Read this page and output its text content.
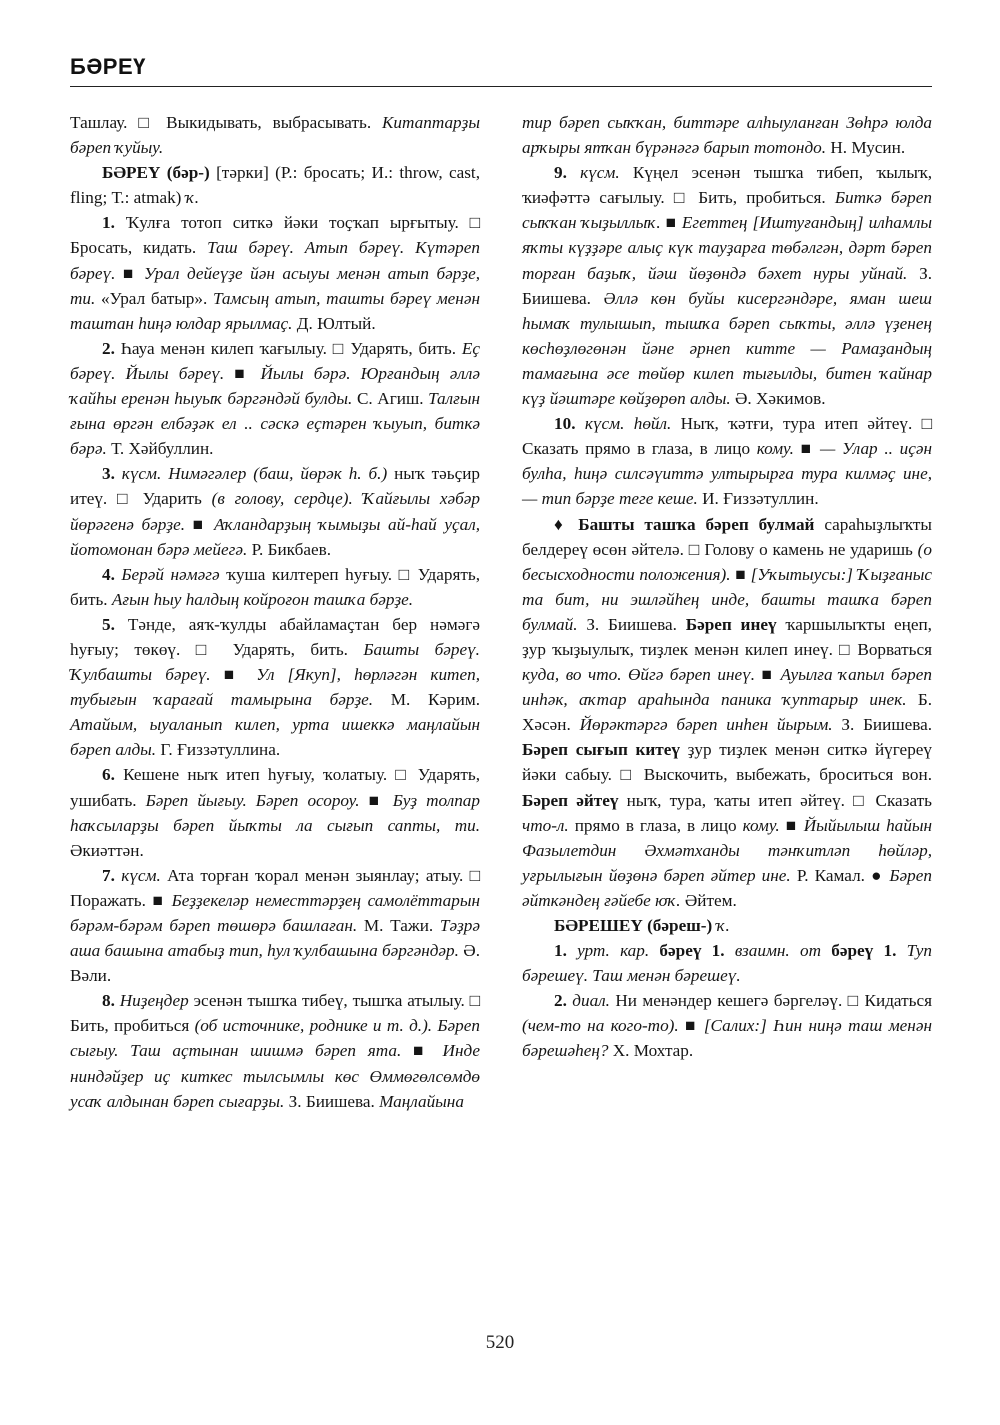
БӘРЕҮ

Ташлау. □ Выкидывать, выбрасывать. Китаптарҙы бәреп ҡуйыу.

БӘРЕҮ (бәр-) [тәрки] (Р.: бросать; И.: throw, cast, fling; Т.: atmak) ҡ.

1. Ҡулға тотоп ситкә йәки тоҫҡап ырғытыу. □ Бросать, кидать. Таш бәреү. Атып бәреү. Күтәреп бәреү. ■ Урал дейеүҙе йән асыуы менән атып бәрҙе, ти. «Урал батыр». Тамсың атып, ташты бәреү менән таштан һиңә юлдар ярылмаҫ. Д. Юлтый.

2. Һауа менән килеп ҡағылыу. □ Ударять, бить. Еҫ бәреү. Йылы бәреү. ■ Йылы бәрә. Юрғандың әллә ҡайһы еренән һыуыҡ бәргәндәй булды. С. Агиш. Талғын ғына өргән елбәҙәк ел .. сәскә еҫтәрен ҡыуып, биткә бәрә. Т. Хәйбуллин.

3. күсм. Нимәгәлер (баш, йөрәк һ. б.) ныҡ тәьҫир итеү. □ Ударить (в голову, сердце). Ҡайғылы хәбәр йөрәгенә бәрҙе. ■ Аҡландарҙың ҡымыҙы ай-һай уҫал, йотомонан бәрә мейегә. Р. Бикбаев.

4. Берәй нәмәгә ҡуша килтереп һуғыу. □ Ударять, бить. Ағын һыу һалдың койроғон ташҡа бәрҙе.

5. Тәнде, аяҡ-ҡулды абайламаҫтан бер нәмәгә һуғыу; төкөү. □ Ударять, бить. Башты бәреү. Ҡулбашты бәреү. ■ Ул [Якуп], һөрләгән китеп, тубығын ҡарағай тамырына бәрҙе. М. Кәрим. Атайым, ыуаланып килеп, урта ишеккә маңлайын бәреп алды. Г. Ғиззәтуллина.

6. Кешене ныҡ итеп һуғыу, ҡолатыу. □ Ударять, ушибать. Бәреп йығыу. Бәреп осороу. ■ Буҙ толпар һаҡсыларҙы бәреп йыҡты ла сығып сапты, ти. Әкиәттән.

7. күсм. Ата торған ҡорал менән зыянлау; атыу. □ Поражать. ■ Беҙҙекеләр неместтәрҙең самолёттарын бәрәм-бәрәм бәреп төшөрә башлаған. М. Тажи. Тәҙрә аша башына атабыҙ тип, һул ҡулбашына бәргәндәр. Ә. Вәли.

8. Ниҙеңдер эсенән тышҡа тибеү, тышҡа атылыу. □ Бить, пробиться (об источнике, роднике и т. д.). Бәреп сығыу. Таш аҫтынан шишмә бәреп ята. ■ Инде ниндәйҙер иҫ киткес тылсымлы көс Өммөгөлсөмдө усаҡ алдынан бәреп сығарҙы. З. Биишева. Маңлайына

тир бәреп сыҡҡан, биттәре алһыуланған Зөһрә юлда арҡыры ятҡан бүрәнәгә барып тотондо. Н. Мусин.

9. күсм. Күңел эсенән тышҡа тибеп, ҡылыҡ, ҡиәфәттә сағылыу. □ Бить, пробиться. Биткә бәреп сыҡҡан ҡыҙыллыҡ. ■ Егеттең [Иштуғандың] илһамлы яҡты күҙҙәре алыҫ күк тауҙарға төбәлгән, дәрт бәреп торған баҙыҡ, йәш йөҙөндә бәхет нуры уйнай. З. Биишева. Әллә көн буйы кисергәндәре, яман шеш һымаҡ тулышып, тышҡа бәреп сыҡты, әллә үҙенең көсһөҙлөгөнән йәне әрнеп китте — Рамаҙандың тамағына әсе төйөр килеп тығылды, битен ҡайнар күҙ йәштәре көйҙөрөп алды. Ә. Хәкимов.

10. күсм. һөйл. Ныҡ, ҡәтғи, тура итеп әйтеү. □ Сказать прямо в глаза, в лицо кому. ■ — Улар .. иҫән булһа, һиңә силсәүиттә ултырырға тура килмәҫ ине, — тип бәрҙе теге кеше. И. Ғиззәтуллин.

♦ Башты ташҡа бәреп булмай сараһыҙлыҡты белдереү өсөн әйтелә. □ Голову о камень не ударишь (о бесысходности положения). ■ [Уҡытыусы:] Ҡыҙғаныс та бит, ни эшләйһең инде, башты ташҡа бәреп булмай. З. Биишева. Бәреп инеү ҡаршылыҡты еңеп, ҙур ҡыҙыулыҡ, тиҙлек менән килеп инеү. □ Ворваться куда, во что. Өйгә бәреп инеү. ■ Ауылға ҡапыл бәреп инһәк, аҡтар араһында паника ҡуптарыр инек. Б. Хәсән. Йөрәктәргә бәреп инһен йырым. З. Биишева. Бәреп сығып китеү ҙур тиҙлек менән ситкә йүгереү йәки сабыу. □ Выскочить, выбежать, броситься вон. Бәреп әйтеү ныҡ, тура, ҡаты итеп әйтеү. □ Сказать что-л. прямо в глаза, в лицо кому. ■ Йыйылыш һайын Фазылетдин Әхмәтханды тәнҡитләп һөйләр, уғрылығын йөҙөнә бәреп әйтер ине. Р. Камал. ● Бәреп әйткәндең ғәйебе юҡ. Әйтем.

БӘРЕШЕҮ (бәреш-) ҡ.

1. урт. кар. бәреү 1. взаимн. от бәреү 1. Туп бәрешеү. Таш менән бәрешеү.

2. диал. Ни менәндер кешегә бәргеләү. □ Кидаться (чем-то на кого-то). ■ [Салих:] Һин ниңә таш менән бәрешәһең? Х. Мохтар.

520
